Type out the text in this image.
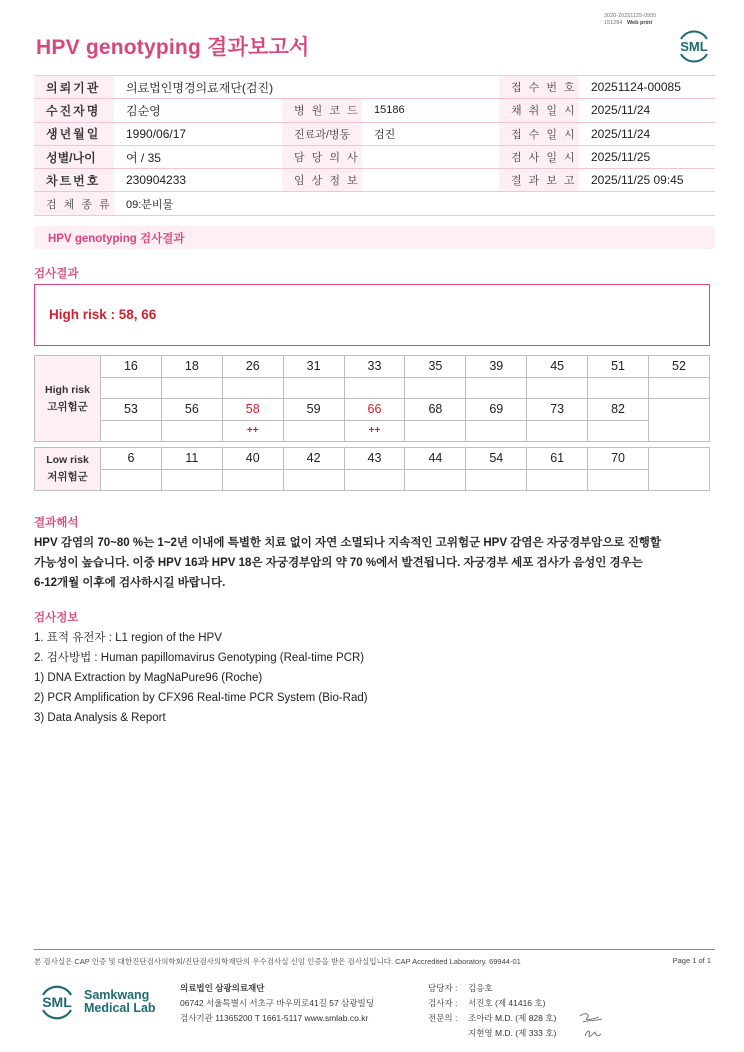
3020-20251125-0955
151284 Web print
HPV genotyping 결과보고서	SML
의뢰기관	의료법인명경의료재단(검진)			접 수 번 호	20251124-00085
수진자명	김순영	병 원 코 드	15186	채 취 일 시	2025/11/24
생년월일	1990/06/17	진료과/병동	검진	접 수 일 시	2025/11/24
성별/나이	여 / 35	담 당 의 사		검 사 일 시	2025/11/25
차트번호	230904233	임 상 정 보		결 과 보 고	2025/11/25 09:45
검 체 종 류	09:분비물				
HPV genotyping 검사결과
검사결과
High risk : 58, 66
High risk
고위험군	16	18	26	31	33	35	39	45	51	52

	53	56	58	59	66	68	69	73	82	
			++		++					
Low risk
저위험군	6	11	40	42	43	44	54	61	70	

결과해석
HPV 감염의 70~80 %는 1~2년 이내에 특별한 치료 없이 자연 소멸되나 지속적인 고위험군 HPV 감염은 자궁경부암으로 진행할
가능성이 높습니다. 이중 HPV 16과 HPV 18은 자궁경부암의 약 70 %에서 발견됩니다. 자궁경부 세포 검사가 음성인 경우는
6-12개월 이후에 검사하시길 바랍니다.
검사정보
1. 표적 유전자 : L1 region of the HPV
2. 검사방법 : Human papillomavirus Genotyping (Real-time PCR)
1) DNA Extraction by MagNaPure96 (Roche)
2) PCR Amplification by CFX96 Real-time PCR System (Bio-Rad)
3) Data Analysis & Report
본 검사실은 CAP 인증 및 대한진단검사의학회/진단검사의학재단의 우수검사실 신임 인증을 받은 검사실입니다. CAP Accredited Laboratory. 69944-01	Page 1 of 1
SML Samkwang
Medical Lab
의료법인 삼광의료재단
06742 서울특별시 서초구 바우뫼로41길 57 삼광빌딩
검사기관 11365200 T 1661-5117 www.smlab.co.kr
담당자 :	김응호
검사자 :	서진호 (제 41416 호)
전문의 :	조아라 M.D. (제 828 호)
지현영 M.D. (제 333 호)
